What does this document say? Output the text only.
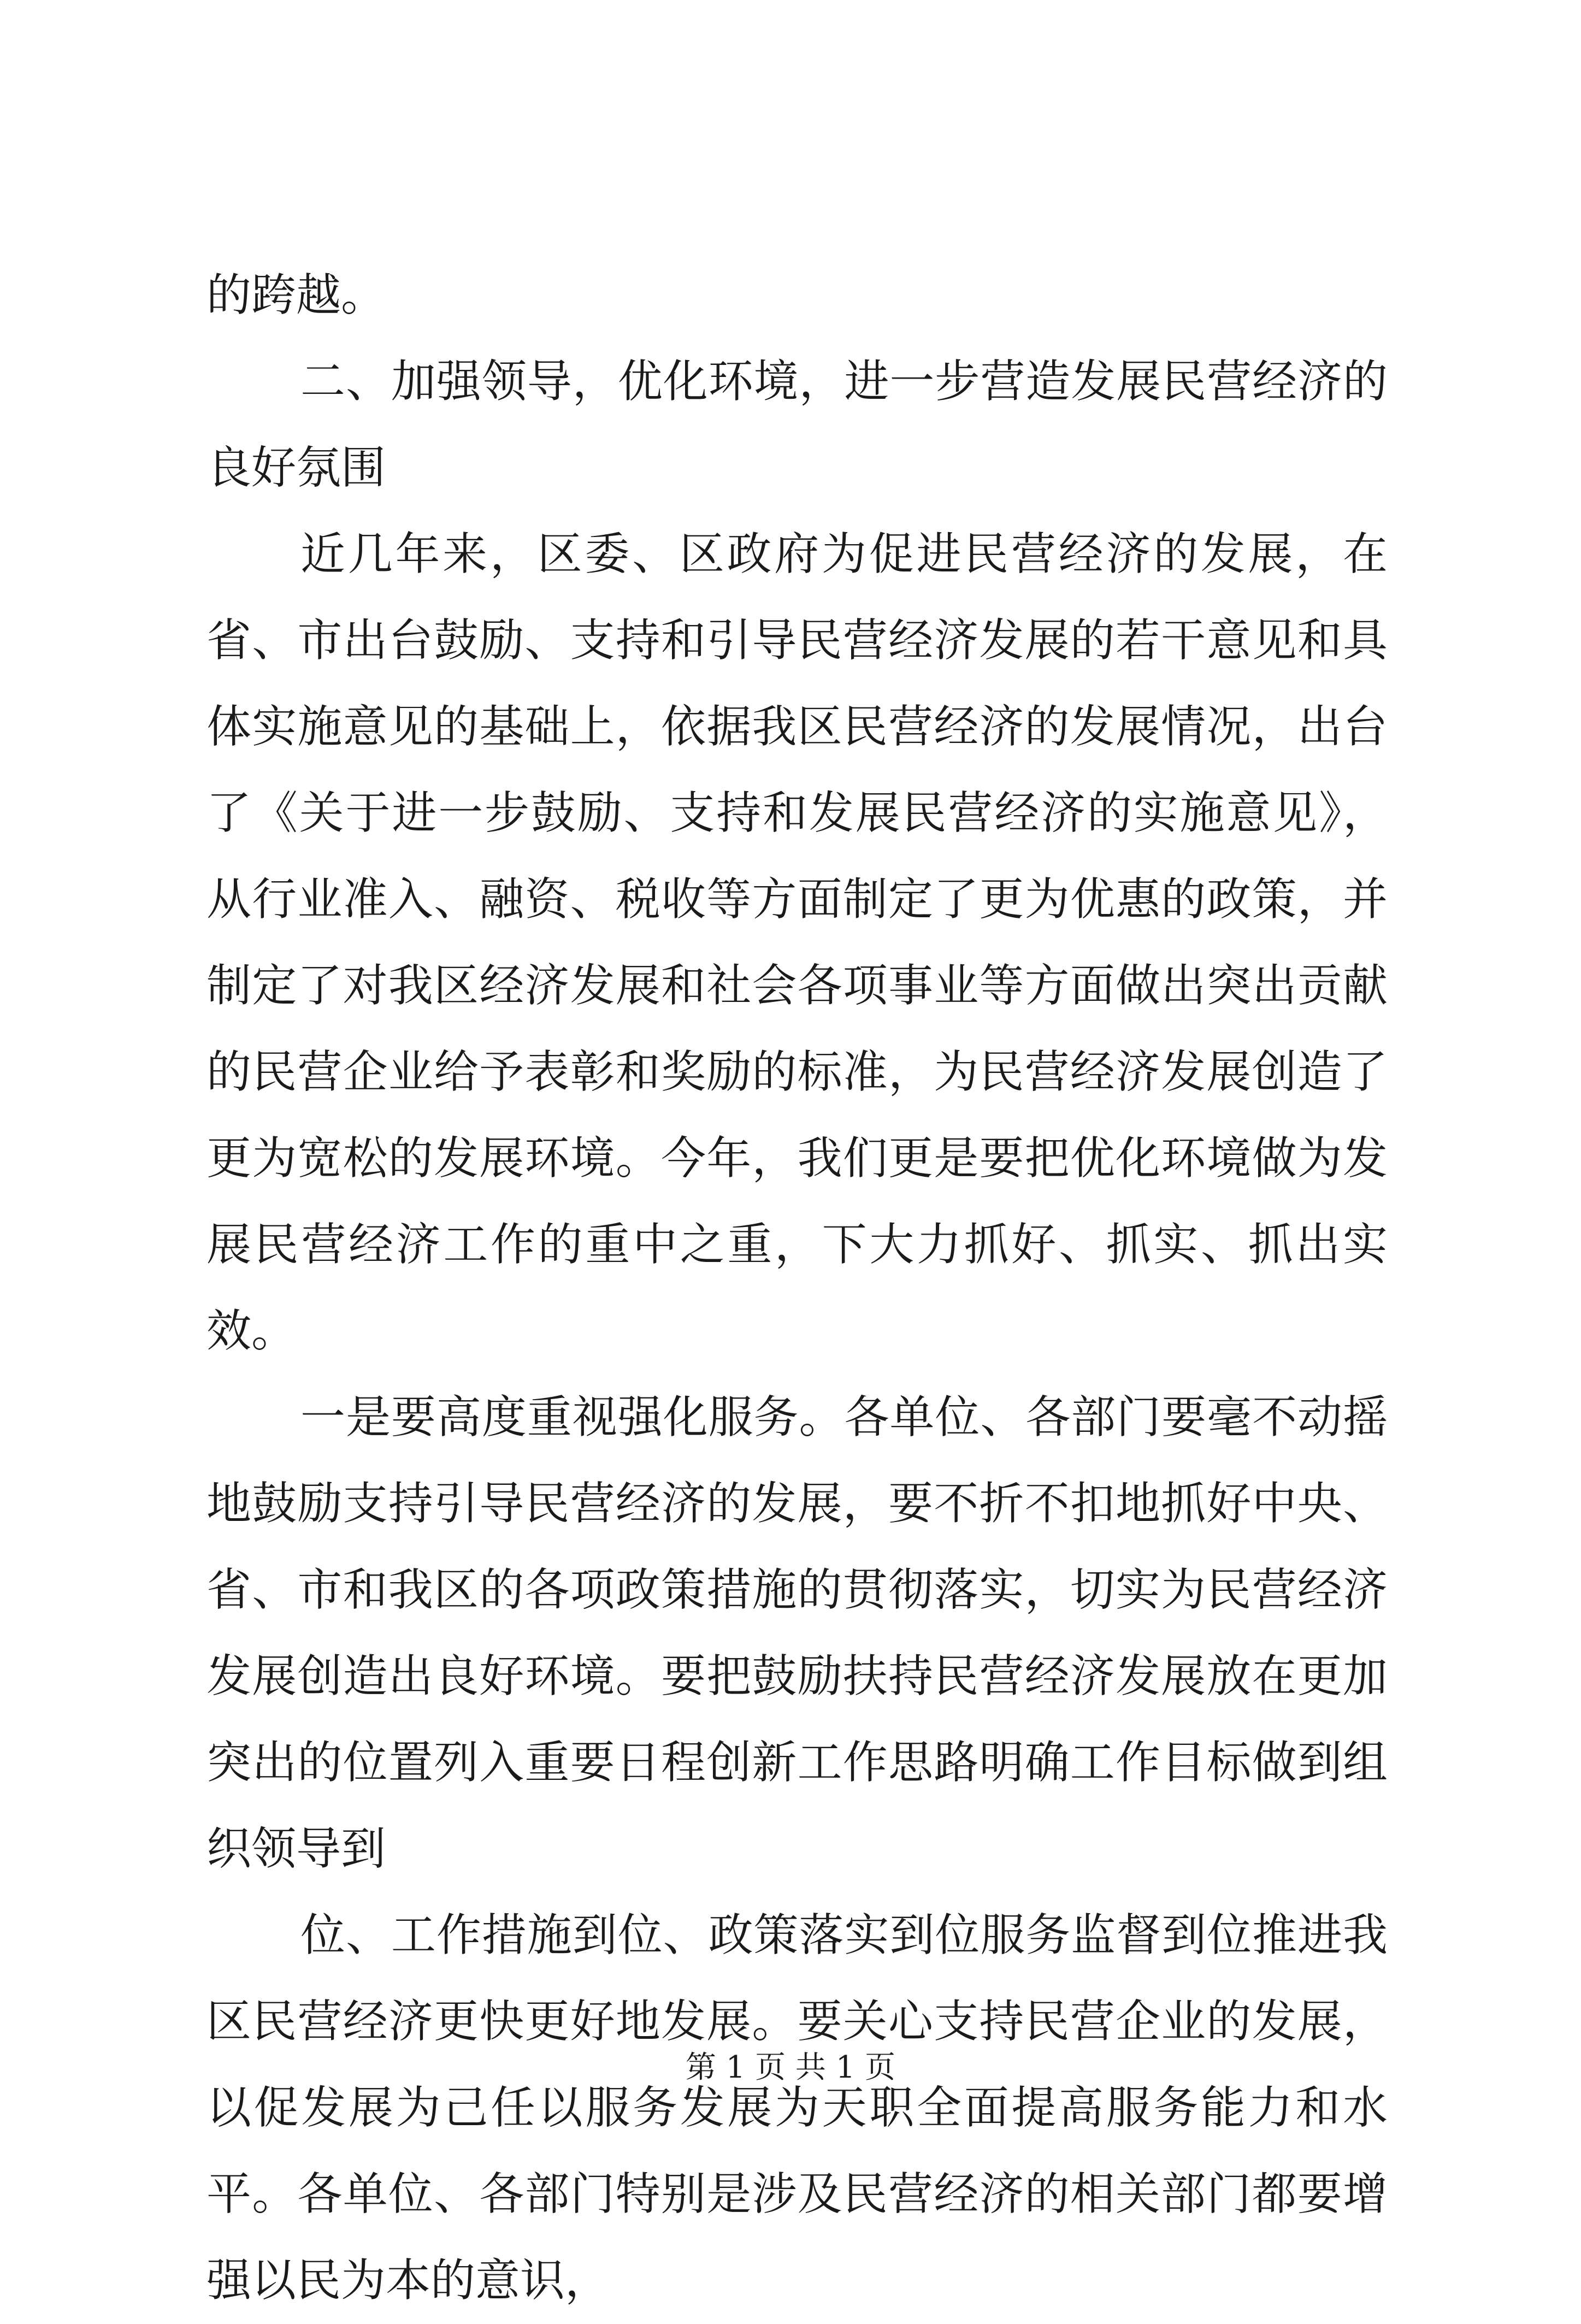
的跨越。

二、加强领导，优化环境，进一步营造发展民营经济的良好氛围

近几年来，区委、区政府为促进民营经济的发展，在省、市出台鼓励、支持和引导民营经济发展的若干意见和具体实施意见的基础上，依据我区民营经济的发展情况，出台了《关于进一步鼓励、支持和发展民营经济的实施意见》，从行业准入、融资、税收等方面制定了更为优惠的政策，并制定了对我区经济发展和社会各项事业等方面做出突出贡献的民营企业给予表彰和奖励的标准，为民营经济发展创造了更为宽松的发展环境。今年，我们更是要把优化环境做为发展民营经济工作的重中之重，下大力抓好、抓实、抓出实效。

一是要高度重视强化服务。各单位、各部门要毫不动摇地鼓励支持引导民营经济的发展，要不折不扣地抓好中央、省、市和我区的各项政策措施的贯彻落实，切实为民营经济发展创造出良好环境。要把鼓励扶持民营经济发展放在更加突出的位置列入重要日程创新工作思路明确工作目标做到组织领导到

位、工作措施到位、政策落实到位服务监督到位推进我区民营经济更快更好地发展。要关心支持民营企业的发展，以促发展为己任以服务发展为天职全面提高服务能力和水平。各单位、各部门特别是涉及民营经济的相关部门都要增强以民为本的意识，

第 1 页 共 1 页
